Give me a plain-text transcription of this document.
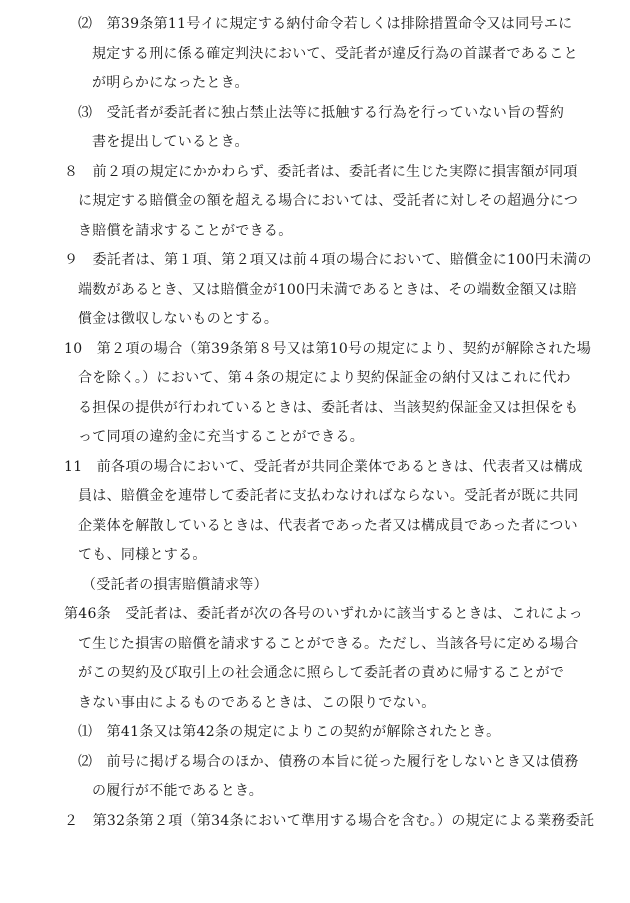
⑵　第39条第11号イに規定する納付命令若しくは排除措置命令又は同号エに
規定する刑に係る確定判決において、受託者が違反行為の首謀者であること
が明らかになったとき。
⑶　受託者が委託者に独占禁止法等に抵触する行為を行っていない旨の誓約
書を提出しているとき。
８　前２項の規定にかかわらず、委託者は、委託者に生じた実際に損害額が同項
に規定する賠償金の額を超える場合においては、受託者に対しその超過分につ
き賠償を請求することができる。
９　委託者は、第１項、第２項又は前４項の場合において、賠償金に100円未満の
端数があるとき、又は賠償金が100円未満であるときは、その端数金額又は賠
償金は徴収しないものとする。
10　第２項の場合（第39条第８号又は第10号の規定により、契約が解除された場
合を除く。）において、第４条の規定により契約保証金の納付又はこれに代わ
る担保の提供が行われているときは、委託者は、当該契約保証金又は担保をも
って同項の違約金に充当することができる。
11　前各項の場合において、受託者が共同企業体であるときは、代表者又は構成
員は、賠償金を連帯して委託者に支払わなければならない。受託者が既に共同
企業体を解散しているときは、代表者であった者又は構成員であった者につい
ても、同様とする。
（受託者の損害賠償請求等）
第46条　受託者は、委託者が次の各号のいずれかに該当するときは、これによっ
て生じた損害の賠償を請求することができる。ただし、当該各号に定める場合
がこの契約及び取引上の社会通念に照らして委託者の責めに帰することがで
きない事由によるものであるときは、この限りでない。
⑴　第41条又は第42条の規定によりこの契約が解除されたとき。
⑵　前号に掲げる場合のほか、債務の本旨に従った履行をしないとき又は債務
の履行が不能であるとき。
２　第32条第２項（第34条において準用する場合を含む。）の規定による業務委託
